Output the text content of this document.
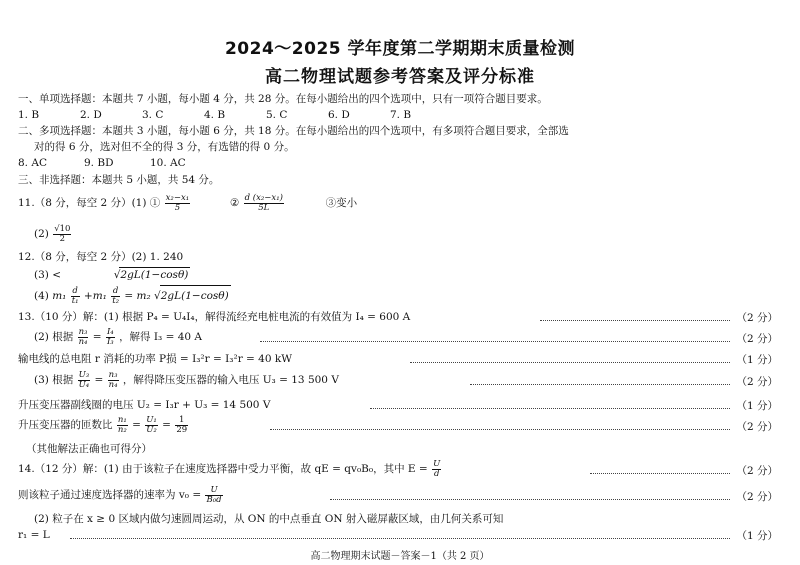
2024～2025 学年度第二学期期末质量检测
高二物理试题参考答案及评分标准
一、单项选择题：本题共 7 小题，每小题 4 分，共 28 分。在每小题给出的四个选项中，只有一项符合题目要求。
1. B	2. D	3. C	4. B	5. C	6. D	7. B
二、多项选择题：本题共 3 小题，每小题 6 分，共 18 分。在每小题给出的四个选项中，有多项符合题目要求，全部选
对的得 6 分，选对但不全的得 3 分，有选错的得 0 分。
8. AC	9. BD	10. AC
三、非选择题：本题共 5 小题，共 54 分。
11.（8 分，每空 2 分）(1) ① $\frac{\text{x₂−x₁}}{5}$	② $\frac{\text{d (x₂−x₁)}}{5L}$	③变小
$(2) \frac{√10}{2}$
12.（8 分，每空 2 分）(2) 1. 240
(3) <	√2gL(1−cosθ)
(4) $m_1 \frac{d}{\text{t₁}} +m_1 \frac{d}{\text{t₂}} = m_2$ √2gL(1−cosθ)
13.（10 分）解：(1) 根据 P₄ = U₄I₄，解得流经充电桩电流的有效值为 I₄ = 600 A	（2 分）
(2) 根据 $\frac{\text{n₃}}{\text{n₄}} = \frac{\text{I₄}}{\text{I₃}}$ ，解得 I₃ = 40 A	（2 分）
输电线的总电阻 r 消耗的功率 P损 = I₃²r = I₃²r = 40 kW	（1 分）
(3) 根据 $\frac{\text{U₃}}{\text{U₄}} = \frac{\text{n₃}}{\text{n₄}}$ ，解得降压变压器的输入电压 U₃ = 13 500 V	（2 分）
升压变压器副线圈的电压 U₂ = I₃r + U₃ = 14 500 V	（1 分）
升压变压器的匝数比 $\frac{\text{n₁}}{\text{n₂}} = \frac{\text{U₁}}{\text{U₂}} = \frac{1}{29}$	（2 分）
（其他解法正确也可得分）
14.（12 分）解：(1) 由于该粒子在速度选择器中受力平衡，故 qE = qv₀B₀，其中 $E = \frac{U}{d}$	（2 分）
则该粒子通过速度选择器的速率为 $v_0 = \frac{U}{\text{B₀d}}$	（2 分）
(2) 粒子在 x ≥ 0 区域内做匀速圆周运动，从 ON 的中点垂直 ON 射入磁屏蔽区域，由几何关系可知
r₁ = L	（1 分）
高二物理期末试题－答案－1（共 2 页）
